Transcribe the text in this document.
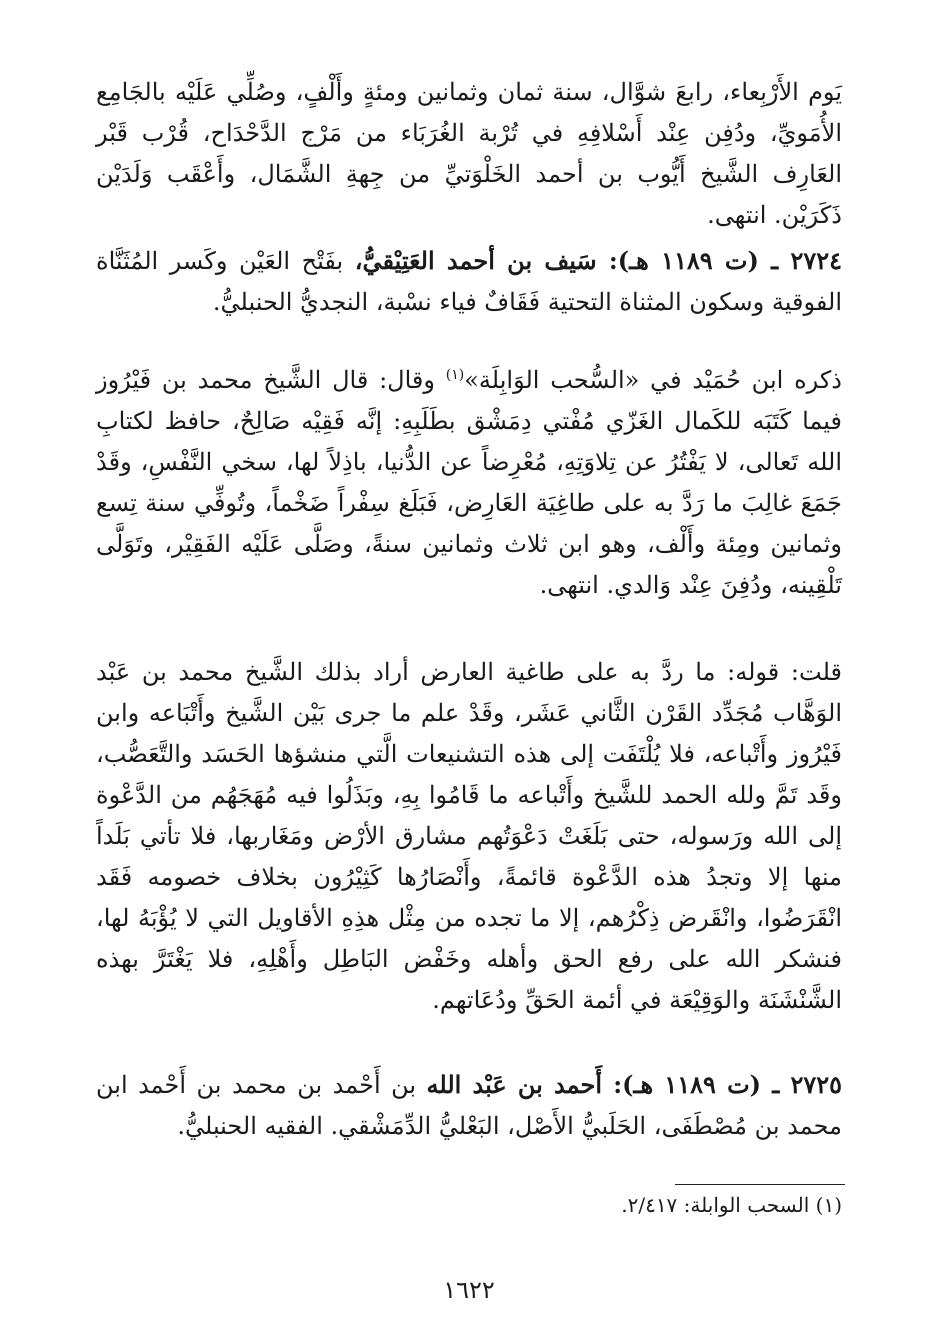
يَوم الأَرْبِعاء، رابعَ شوَّال، سنة ثمان وثمانين ومئةٍ وأَلْفٍ، وصُلِّي عَلَيْه بالجَامِع الأُمَويِّ، ودُفِن عِنْد أَسْلافِهِ في تُرْبة الغُرَبَاء من مَرْج الدَّحْدَاح، قُرْب قَبْر العَارِف الشَّيخ أَيُّوب بن أحمد الخَلْوَتيِّ من جِهةِ الشَّمَال، وأَعْقَب وَلَدَيْن ذَكَرَيْن. انتهى.

٢٧٢٤ ـ (ت ١١٨٩ هـ): سَيف بن أحمد العَتِيْقيُّ، بفَتْح العَيْن وكَسر المُثَنَّاة الفوقية وسكون المثناة التحتية فَقَافٌ فياء نسْبة، النجديُّ الحنبليُّ.

ذكره ابن حُمَيْد في «السُّحب الوَابِلَة»$^{(١)}$ وقال: قال الشَّيخ محمد بن فَيْرُوز فيما كَتَبَه للكَمال الغَزّي مُفْتي دِمَشْق بطَلَبِهِ: إنَّه فَقِيْه صَالِحٌ، حافظ لكتابِ الله تَعالى، لا يَفْتُرُ عن تِلاوَتِهِ، مُعْرِضاً عن الدُّنيا، باذِلاً لها، سخي النَّفْسِ، وقَدْ جَمَعَ غالِبَ ما رَدَّ به على طاغِيَة العَارِض، فَبَلَغ سِفْراً ضَخْماً، وتُوفِّي سنة تِسع وثمانين ومِئة وأَلْف، وهو ابن ثلاث وثمانين سنةً، وصَلَّى عَلَيْه الفَقِيْر، وتَوَلَّى تَلْقِينه، ودُفِنَ عِنْد وَالدي. انتهى.

قلت: قوله: ما ردَّ به على طاغية العارض أراد بذلك الشَّيخ محمد بن عَبْد الوَهَّاب مُجَدِّد القَرْن الثَّاني عَشَر، وقَدْ علم ما جرى بَيْن الشَّيخ وأَتْبَاعه وابن فَيْرُوز وأَتْباعه، فلا يُلْتَفَت إلى هذه التشنيعات الَّتي منشؤها الحَسَد والتَّعَصُّب، وقَد تَمَّ ولله الحمد للشَّيخ وأَتْباعه ما قَامُوا بِهِ، وبَذَلُوا فيه مُهَجَهُم من الدَّعْوة إلى الله ورَسوله، حتى بَلَغَتْ دَعْوَتُهم مشارق الأرْض ومَغَاربها، فلا تأتي بَلَداً منها إلا وتجدُ هذه الدَّعْوة قائمةً، وأَنْصَارُها كَثِيْرُون بخلاف خصومه فَقَد انْقَرَضُوا، وانْقَرض ذِكْرُهم، إلا ما تجده من مِثْل هذِهِ الأقاويل التي لا يُؤْبَهُ لها، فنشكر الله على رفع الحق وأهله وخَفْض البَاطِل وأَهْلِهِ، فلا يَغْتَرَّ بهذه الشَّنْشَنَة والوَقِيْعَة في أئمة الحَقِّ ودُعَاتهم.

٢٧٢٥ ـ (ت ١١٨٩ هـ): أَحمد بن عَبْد الله بن أَحْمد بن محمد بن أَحْمد ابن محمد بن مُصْطَفَى، الحَلَبيُّ الأَصْل، البَعْليُّ الدِّمَشْقي. الفقيه الحنبليُّ.

(١) السحب الوابلة: ٢/٤١٧.

١٦٢٢
